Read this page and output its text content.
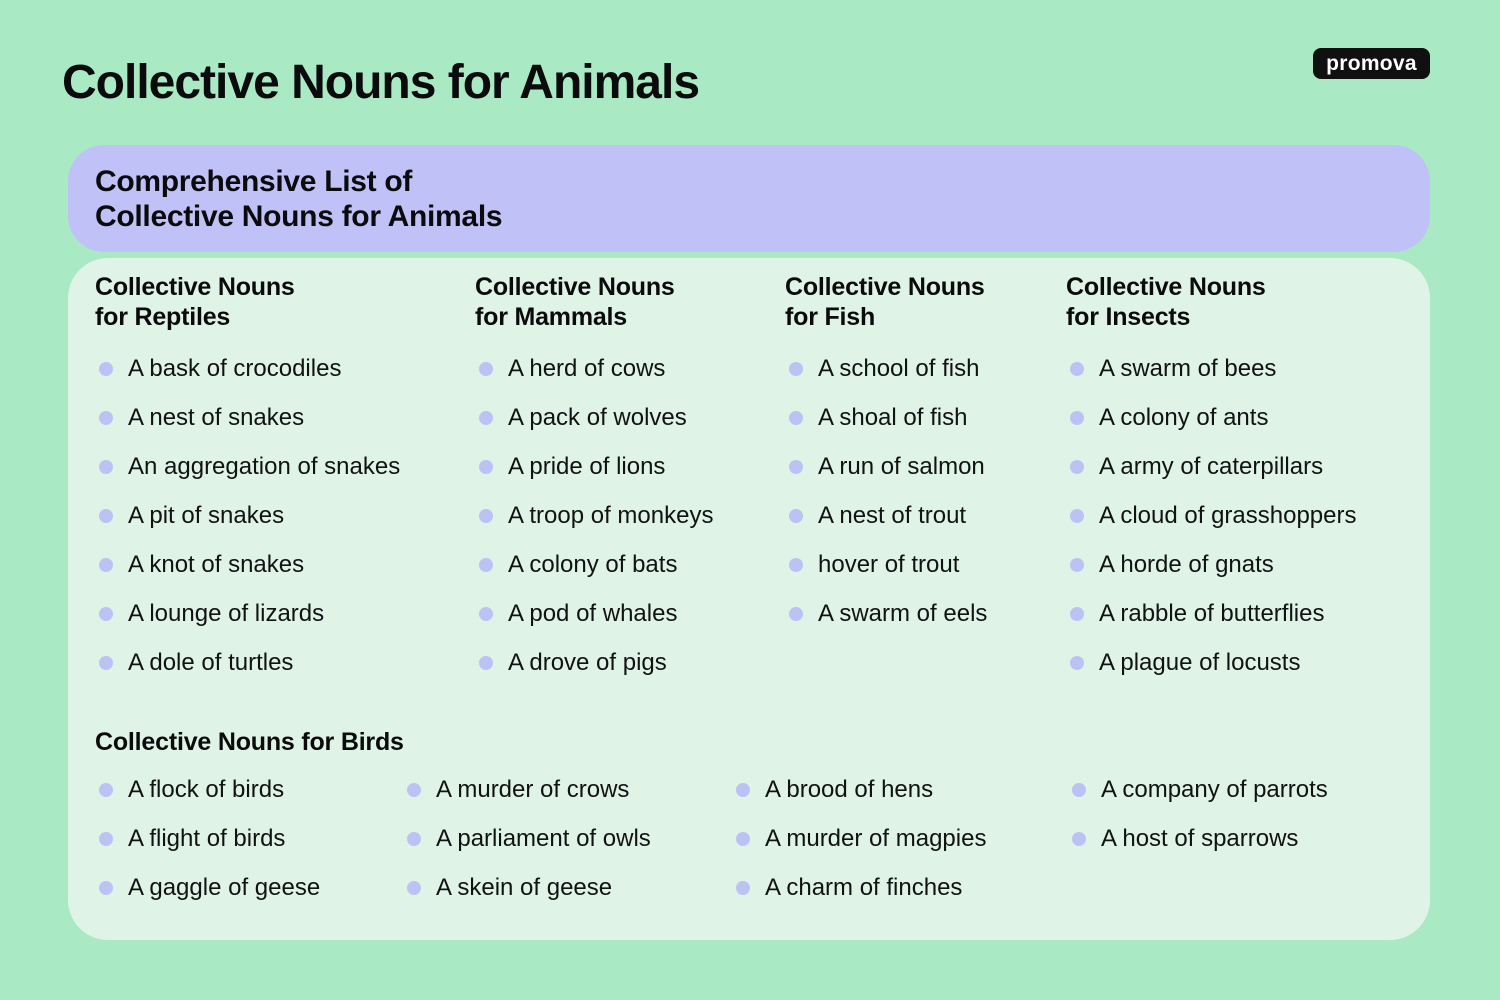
Collective Nouns for Animals	promova
Comprehensive List of
Collective Nouns for Animals
Collective Nouns
for Reptiles
A bask of crocodiles
A nest of snakes
An aggregation of snakes
A pit of snakes
A knot of snakes
A lounge of lizards
A dole of turtles
Collective Nouns
for Mammals
A herd of cows
A pack of wolves
A pride of lions
A troop of monkeys
A colony of bats
A pod of whales
A drove of pigs
Collective Nouns
for Fish
A school of fish
A shoal of fish
A run of salmon
A nest of trout
hover of trout
A swarm of eels
Collective Nouns
for Insects
A swarm of bees
A colony of ants
A army of caterpillars
A cloud of grasshoppers
A horde of gnats
A rabble of butterflies
A plague of locusts
Collective Nouns for Birds
A flock of birds
A flight of birds
A gaggle of geese
A murder of crows
A parliament of owls
A skein of geese
A brood of hens
A murder of magpies
A charm of finches
A company of parrots
A host of sparrows
